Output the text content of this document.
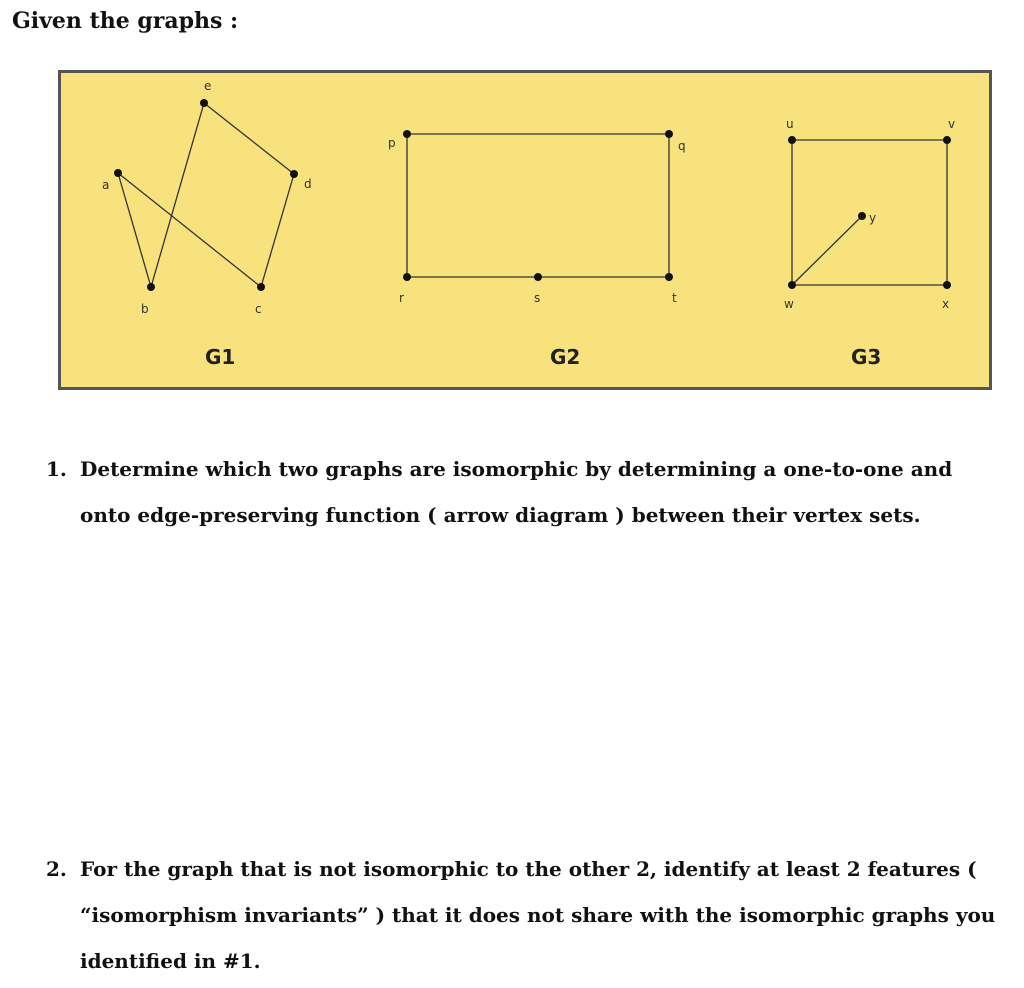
Given the graphs :

a
b	c
d
e
G1
p	q
r	s	t
G2
u	v
w	x
y
G3
1. Determine which two graphs are isomorphic by determining a one-to-one and onto edge-preserving function ( arrow diagram ) between their vertex sets.
2. For the graph that is not isomorphic to the other 2, identify at least 2 features ( “isomorphism invariants” ) that it does not share with the isomorphic graphs you identified in #1.
